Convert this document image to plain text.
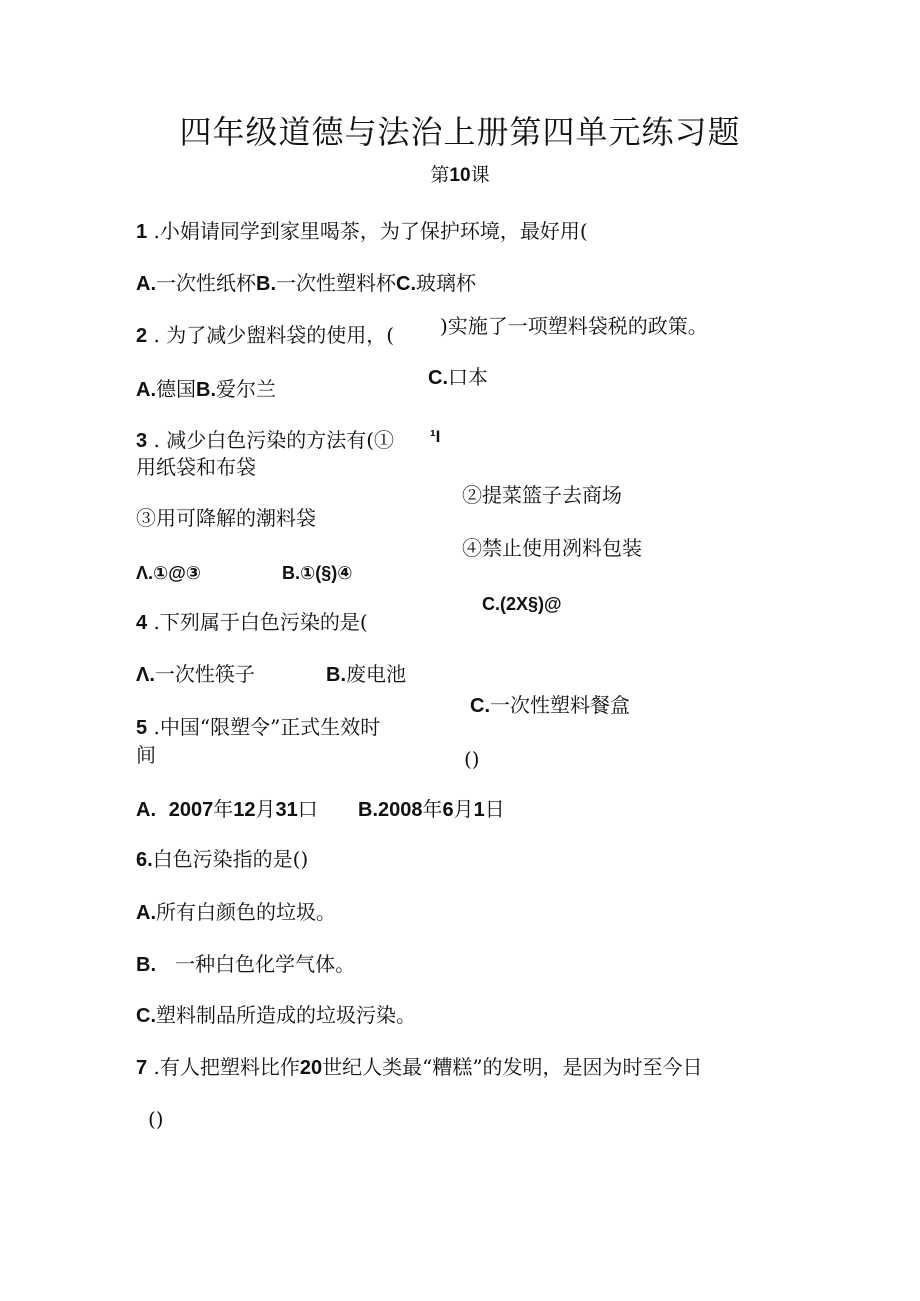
四年级道德与法治上册第四单元练习题
第10课
1 .小娟请同学到家里喝茶，为了保护环境，最好用(
A.一次性纸杯B.一次性塑料杯C.玻璃杯
2 . 为了减少盥料袋的使用，( )实施了一项塑料袋税的政策。
A.德国B.爱尔兰	C.口本
3 . 减少白色污染的方法有(① ¹I
用纸袋和布袋
②提菜篮子去商场
③用可降解的潮料袋
④禁止使用冽料包装
Λ.①@③	B.①(§)④
C.(2X§)@
4 .下列属于白色污染的是(
Λ.一次性筷子	B.废电池
C.一次性塑料餐盒
5 .中国“限塑令”正式生效时
间	()
A. 2007年12月31口 B.2008年6月1日
6.白色污染指的是()
A.所有白颜色的垃圾。
B. 一种白色化学气体。
C.塑料制品所造成的垃圾污染。
7 .有人把塑料比作20世纪人类最“糟糕”的发明，是因为时至今日
()
